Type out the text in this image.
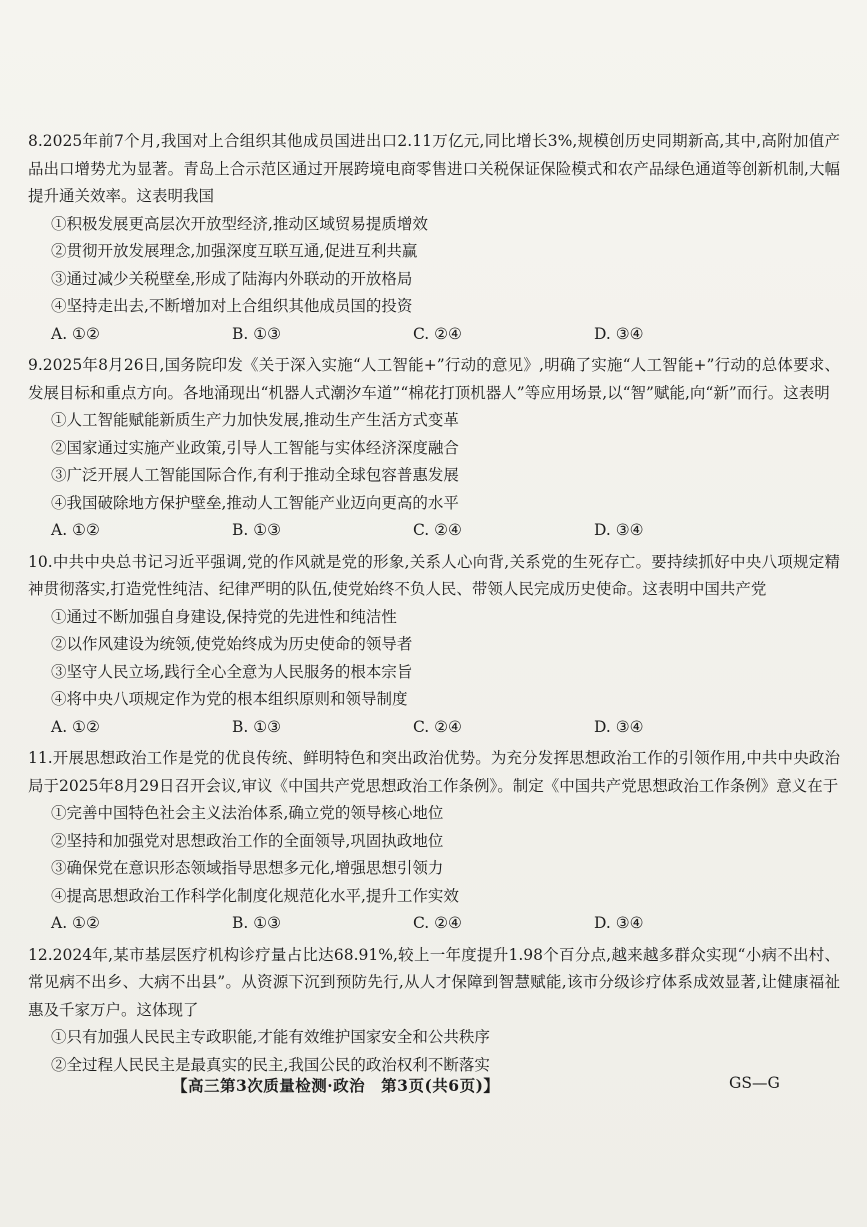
8.2025年前7个月,我国对上合组织其他成员国进出口2.11万亿元,同比增长3%,规模创历史同期新高,其中,高附加值产品出口增势尤为显著。青岛上合示范区通过开展跨境电商零售进口关税保证保险模式和农产品绿色通道等创新机制,大幅提升通关效率。这表明我国

①积极发展更高层次开放型经济,推动区域贸易提质增效

②贯彻开放发展理念,加强深度互联互通,促进互利共赢

③通过减少关税壁垒,形成了陆海内外联动的开放格局

④坚持走出去,不断增加对上合组织其他成员国的投资

A. ①②	B. ①③	C. ②④	D. ③④

9.2025年8月26日,国务院印发《关于深入实施“人工智能+”行动的意见》,明确了实施“人工智能+”行动的总体要求、发展目标和重点方向。各地涌现出“机器人式潮汐车道”“棉花打顶机器人”等应用场景,以“智”赋能,向“新”而行。这表明

①人工智能赋能新质生产力加快发展,推动生产生活方式变革

②国家通过实施产业政策,引导人工智能与实体经济深度融合

③广泛开展人工智能国际合作,有利于推动全球包容普惠发展

④我国破除地方保护壁垒,推动人工智能产业迈向更高的水平

A. ①②	B. ①③	C. ②④	D. ③④

10.中共中央总书记习近平强调,党的作风就是党的形象,关系人心向背,关系党的生死存亡。要持续抓好中央八项规定精神贯彻落实,打造党性纯洁、纪律严明的队伍,使党始终不负人民、带领人民完成历史使命。这表明中国共产党

①通过不断加强自身建设,保持党的先进性和纯洁性

②以作风建设为统领,使党始终成为历史使命的领导者

③坚守人民立场,践行全心全意为人民服务的根本宗旨

④将中央八项规定作为党的根本组织原则和领导制度

A. ①②	B. ①③	C. ②④	D. ③④

11.开展思想政治工作是党的优良传统、鲜明特色和突出政治优势。为充分发挥思想政治工作的引领作用,中共中央政治局于2025年8月29日召开会议,审议《中国共产党思想政治工作条例》。制定《中国共产党思想政治工作条例》意义在于

①完善中国特色社会主义法治体系,确立党的领导核心地位

②坚持和加强党对思想政治工作的全面领导,巩固执政地位

③确保党在意识形态领域指导思想多元化,增强思想引领力

④提高思想政治工作科学化制度化规范化水平,提升工作实效

A. ①②	B. ①③	C. ②④	D. ③④

12.2024年,某市基层医疗机构诊疗量占比达68.91%,较上一年度提升1.98个百分点,越来越多群众实现“小病不出村、常见病不出乡、大病不出县”。从资源下沉到预防先行,从人才保障到智慧赋能,该市分级诊疗体系成效显著,让健康福祉惠及千家万户。这体现了

①只有加强人民民主专政职能,才能有效维护国家安全和公共秩序

②全过程人民民主是最真实的民主,我国公民的政治权利不断落实

【高三第3次质量检测·政治　第3页(共6页)】	GS—G
